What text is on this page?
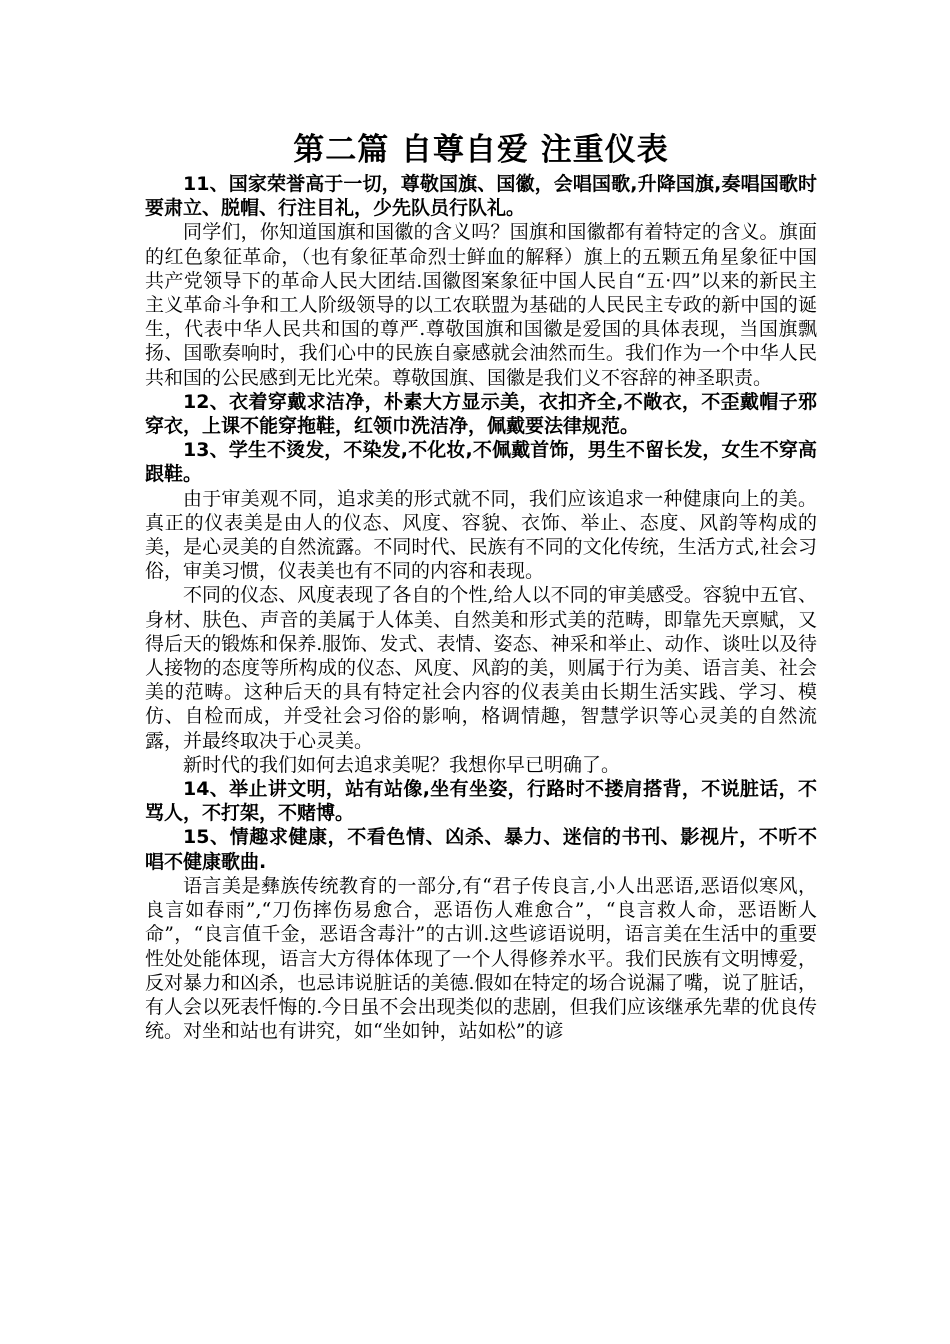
第二篇 自尊自爱 注重仪表

11、国家荣誉高于一切，尊敬国旗、国徽，会唱国歌,升降国旗,奏唱国歌时要肃立、脱帽、行注目礼，少先队员行队礼。

同学们，你知道国旗和国徽的含义吗？国旗和国徽都有着特定的含义。旗面的红色象征革命，（也有象征革命烈士鲜血的解释）旗上的五颗五角星象征中国共产党领导下的革命人民大团结.国徽图案象征中国人民自“五·四”以来的新民主主义革命斗争和工人阶级领导的以工农联盟为基础的人民民主专政的新中国的诞生，代表中华人民共和国的尊严.尊敬国旗和国徽是爱国的具体表现，当国旗飘扬、国歌奏响时，我们心中的民族自豪感就会油然而生。我们作为一个中华人民共和国的公民感到无比光荣。尊敬国旗、国徽是我们义不容辞的神圣职责。

12、衣着穿戴求洁净，朴素大方显示美，衣扣齐全,不敞衣，不歪戴帽子邪穿衣，上课不能穿拖鞋，红领巾洗洁净，佩戴要法律规范。

13、学生不烫发，不染发,不化妆,不佩戴首饰，男生不留长发，女生不穿高跟鞋。

由于审美观不同，追求美的形式就不同，我们应该追求一种健康向上的美。真正的仪表美是由人的仪态、风度、容貌、衣饰、举止、态度、风韵等构成的美，是心灵美的自然流露。不同时代、民族有不同的文化传统，生活方式,社会习俗，审美习惯，仪表美也有不同的内容和表现。

不同的仪态、风度表现了各自的个性,给人以不同的审美感受。容貌中五官、身材、肤色、声音的美属于人体美、自然美和形式美的范畴，即靠先天禀赋，又得后天的锻炼和保养.服饰、发式、表情、姿态、神采和举止、动作、谈吐以及待人接物的态度等所构成的仪态、风度、风韵的美，则属于行为美、语言美、社会美的范畴。这种后天的具有特定社会内容的仪表美由长期生活实践、学习、模仿、自检而成，并受社会习俗的影响，格调情趣，智慧学识等心灵美的自然流露，并最终取决于心灵美。

新时代的我们如何去追求美呢？我想你早已明确了。

14、举止讲文明，站有站像,坐有坐姿，行路时不搂肩搭背，不说脏话，不骂人，不打架，不赌博。

15、情趣求健康，不看色情、凶杀、暴力、迷信的书刊、影视片，不听不唱不健康歌曲.

语言美是彝族传统教育的一部分,有“君子传良言,小人出恶语,恶语似寒风，良言如春雨”,“刀伤摔伤易愈合，恶语伤人难愈合”，“良言救人命，恶语断人命”，“良言值千金，恶语含毒汁”的古训.这些谚语说明，语言美在生活中的重要性处处能体现，语言大方得体体现了一个人得修养水平。我们民族有文明博爱，反对暴力和凶杀，也忌讳说脏话的美德.假如在特定的场合说漏了嘴，说了脏话，有人会以死表忏悔的.今日虽不会出现类似的悲剧，但我们应该继承先辈的优良传统。对坐和站也有讲究，如“坐如钟，站如松”的谚
